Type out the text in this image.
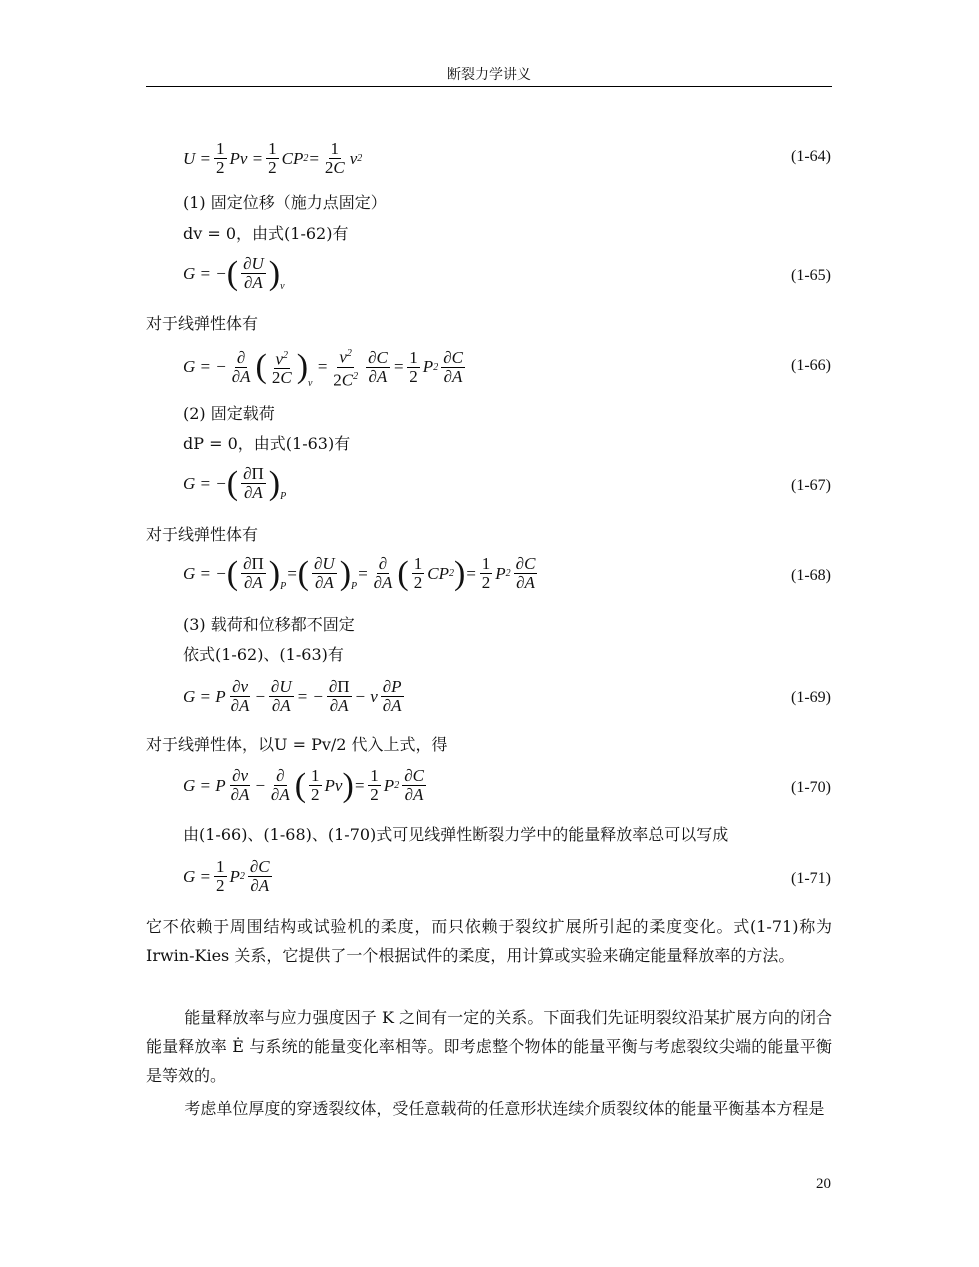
断裂力学讲义
$U = \frac{1}{2}$ $Pv = \frac{1}{2}$ CP $2 = \frac{1}{2C}$ v 2	(1-64)
(1) 固定位移（施力点固定）
dv = 0，由式(1-62)有
G = − ( $\frac{\partial U}{\partial A} )_v$
(1-65)
对于线弹性体有
G = − $\frac{\partial}{\partial A}$ ( $\frac{v^2}{2C} )_v$
= $\frac{v^2}{2C^2} \frac{\partial C}{\partial A} = \frac{1}{2}$ P $2 \frac{\partial C}{\partial A}$	(1-66)
(2) 固定载荷
dP = 0，由式(1-63)有
G = − ( $\frac{\partial\Pi}{\partial A} )_P$
(1-67)
对于线弹性体有
G = − ( $\frac{\partial\Pi}{\partial A} )_P$
= ( $\frac{\partial U}{\partial A} )_P$
= $\frac{\partial}{\partial A}$ ( $\frac{1}{2}$ CP 2 ) = $\frac{1}{2}$ P $2 \frac{\partial C}{\partial A}$	(1-68)
(3) 载荷和位移都不固定
依式(1-62)、(1-63)有
G = P $\frac{\partial v}{\partial A} - \frac{\partial U}{\partial A}$ = − $\frac{\partial\Pi}{\partial A} - v \frac{\partial P}{\partial A}$	(1-69)
对于线弹性体，以U = Pv/2 代入上式，得
G = P $\frac{\partial v}{\partial A} - \frac{\partial}{\partial A}$ ( $\frac{1}{2}$ Pv ) = $\frac{1}{2}$ P $2 \frac{\partial C}{\partial A}$	(1-70)
由(1-66)、(1-68)、(1-70)式可见线弹性断裂力学中的能量释放率总可以写成
$G = \frac{1}{2}$ P $2 \frac{\partial C}{\partial A}$	(1-71)
它不依赖于周围结构或试验机的柔度，而只依赖于裂纹扩展所引起的柔度变化。式(1-71)称为 Irwin-Kies 关系，它提供了一个根据试件的柔度，用计算或实验来确定能量释放率的方法。
能量释放率与应力强度因子 K 之间有一定的关系。下面我们先证明裂纹沿某扩展方向的闭合能量释放率 Ė 与系统的能量变化率相等。即考虑整个物体的能量平衡与考虑裂纹尖端的能量平衡是等效的。
考虑单位厚度的穿透裂纹体，受任意载荷的任意形状连续介质裂纹体的能量平衡基本方程是
20
